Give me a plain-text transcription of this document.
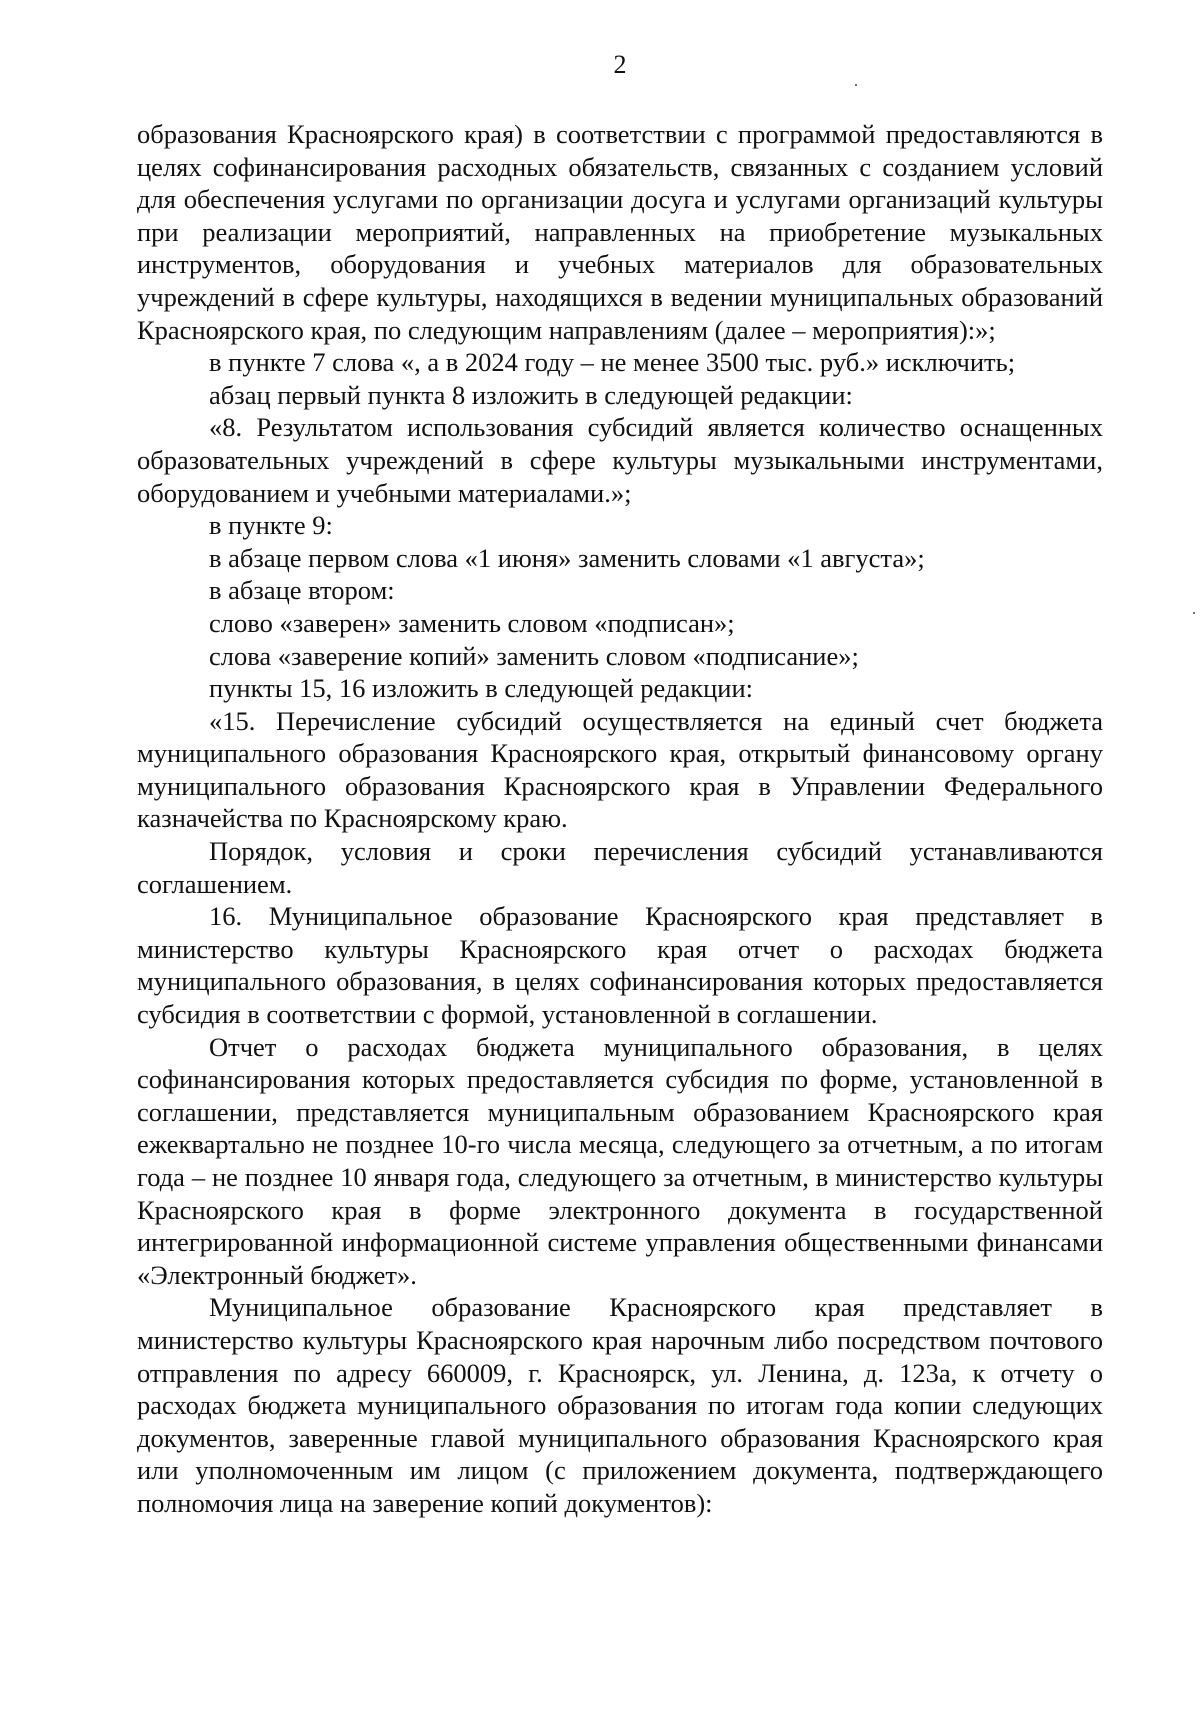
2

образования Красноярского края) в соответствии с программой предоставляются в целях софинансирования расходных обязательств, связанных с созданием условий для обеспечения услугами по организации досуга и услугами организаций культуры при реализации мероприятий, направленных на приобретение музыкальных инструментов, оборудования и учебных материалов для образовательных учреждений в сфере культуры, находящихся в ведении муниципальных образований Красноярского края, по следующим направлениям (далее – мероприятия):»;

в пункте 7 слова «, а в 2024 году – не менее 3500 тыс. руб.» исключить;

абзац первый пункта 8 изложить в следующей редакции:

«8. Результатом использования субсидий является количество оснащенных образовательных учреждений в сфере культуры музыкальными инструментами, оборудованием и учебными материалами.»;

в пункте 9:

в абзаце первом слова «1 июня» заменить словами «1 августа»;

в абзаце втором:

слово «заверен» заменить словом «подписан»;

слова «заверение копий» заменить словом «подписание»;

пункты 15, 16 изложить в следующей редакции:

«15. Перечисление субсидий осуществляется на единый счет бюджета муниципального образования Красноярского края, открытый финансовому органу муниципального образования Красноярского края в Управлении Федерального казначейства по Красноярскому краю.

Порядок, условия и сроки перечисления субсидий устанавливаются соглашением.

16. Муниципальное образование Красноярского края представляет в министерство культуры Красноярского края отчет о расходах бюджета муниципального образования, в целях софинансирования которых предоставляется субсидия в соответствии с формой, установленной в соглашении.

Отчет о расходах бюджета муниципального образования, в целях софинансирования которых предоставляется субсидия по форме, установленной в соглашении, представляется муниципальным образованием Красноярского края ежеквартально не позднее 10-го числа месяца, следующего за отчетным, а по итогам года – не позднее 10 января года, следующего за отчетным, в министерство культуры Красноярского края в форме электронного документа в государственной интегрированной информационной системе управления общественными финансами «Электронный бюджет».

Муниципальное образование Красноярского края представляет в министерство культуры Красноярского края нарочным либо посредством почтового отправления по адресу 660009, г. Красноярск, ул. Ленина, д. 123а, к отчету о расходах бюджета муниципального образования по итогам года копии следующих документов, заверенные главой муниципального образования Красноярского края или уполномоченным им лицом (с приложением документа, подтверждающего полномочия лица на заверение копий документов):
